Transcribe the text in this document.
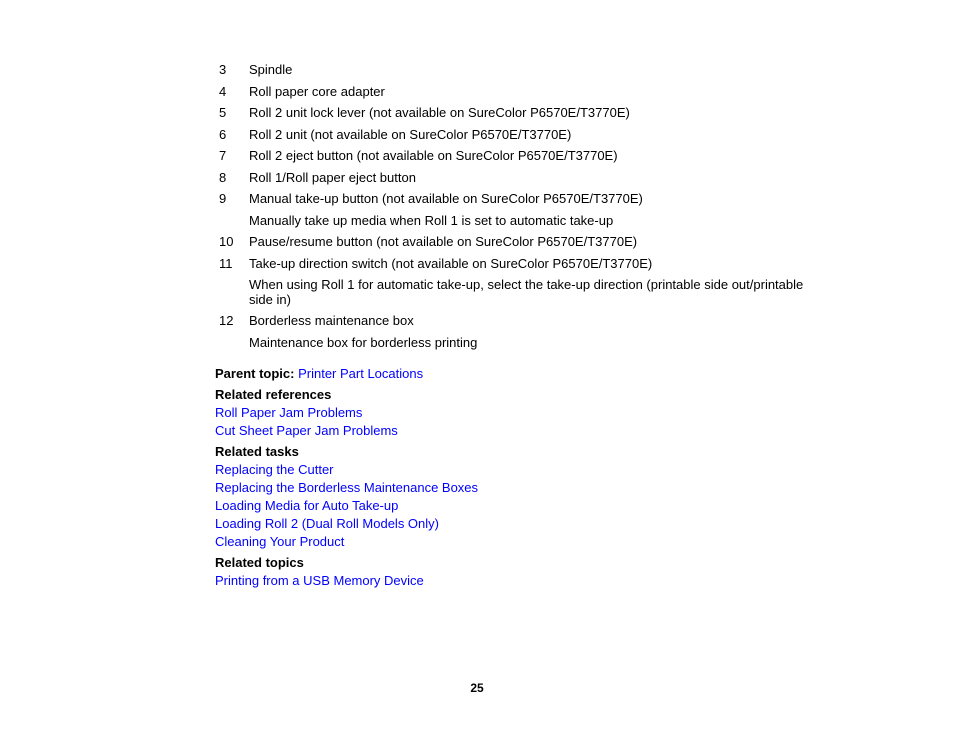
3	Spindle
4	Roll paper core adapter
5	Roll 2 unit lock lever (not available on SureColor P6570E/T3770E)
6	Roll 2 unit (not available on SureColor P6570E/T3770E)
7	Roll 2 eject button (not available on SureColor P6570E/T3770E)
8	Roll 1/Roll paper eject button
9	Manual take-up button (not available on SureColor P6570E/T3770E)
Manually take up media when Roll 1 is set to automatic take-up
10	Pause/resume button (not available on SureColor P6570E/T3770E)
11	Take-up direction switch (not available on SureColor P6570E/T3770E)
When using Roll 1 for automatic take-up, select the take-up direction (printable side out/printable side in)
12	Borderless maintenance box
Maintenance box for borderless printing
Parent topic: Printer Part Locations
Related references
Roll Paper Jam Problems
Cut Sheet Paper Jam Problems
Related tasks
Replacing the Cutter
Replacing the Borderless Maintenance Boxes
Loading Media for Auto Take-up
Loading Roll 2 (Dual Roll Models Only)
Cleaning Your Product
Related topics
Printing from a USB Memory Device
25
